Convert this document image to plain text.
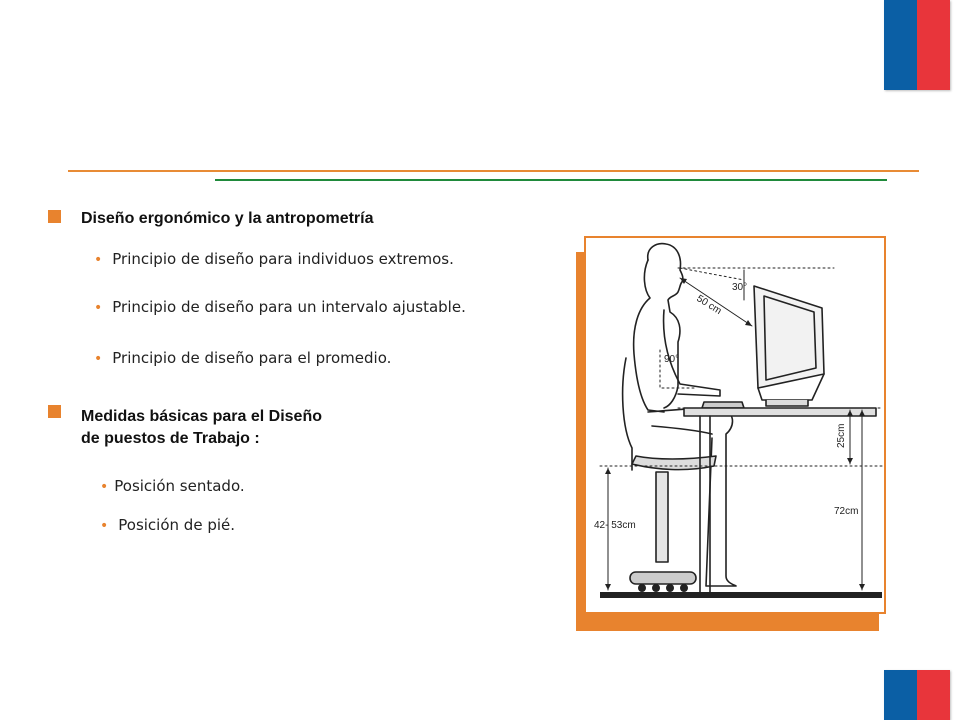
Diseño ergonómico y la antropometría
• Principio de diseño para individuos extremos.
• Principio de diseño para un intervalo ajustable.
• Principio de diseño para el promedio.
Medidas básicas para el Diseño
de puestos de Trabajo :
• Posición sentado.
• Posición de pié.
30°
50 cm
90°
25cm
72cm
42- 53cm
